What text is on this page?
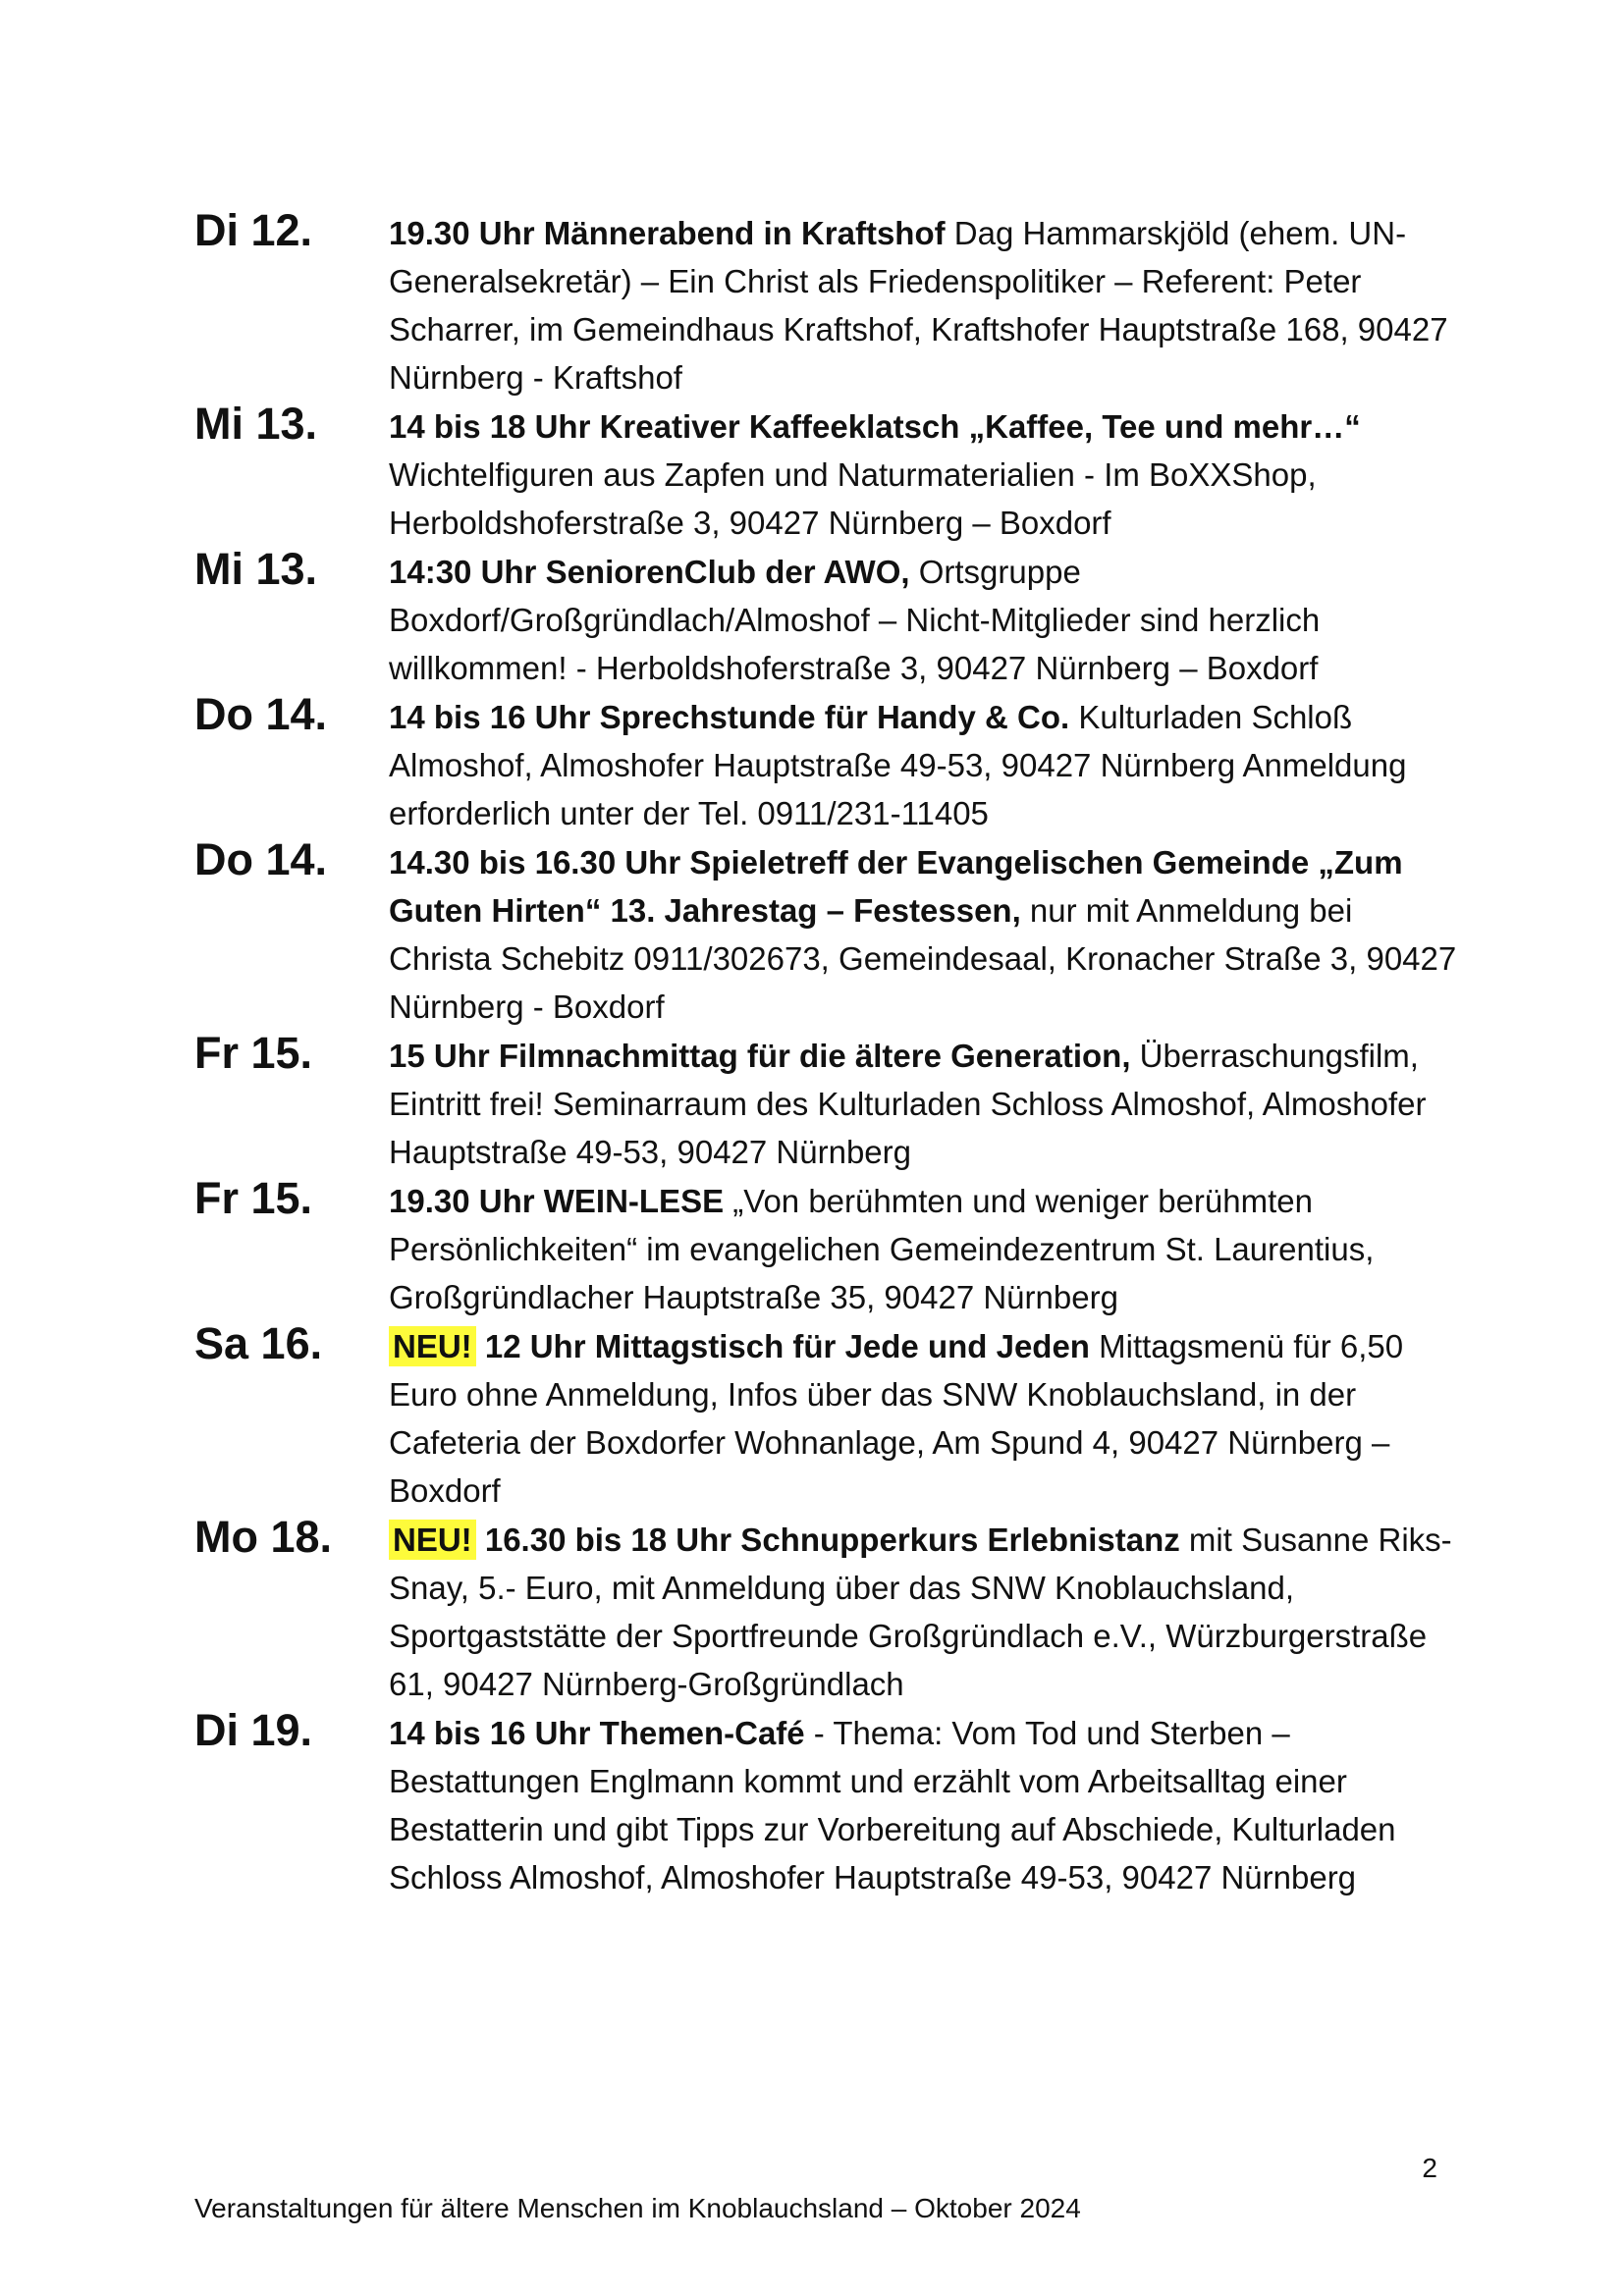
Di 12.	19.30 Uhr Männerabend in Kraftshof Dag Hammarskjöld (ehem. UN-Generalsekretär) – Ein Christ als Friedenspolitiker – Referent: Peter Scharrer, im Gemeindhaus Kraftshof, Kraftshofer Hauptstraße 168, 90427 Nürnberg - Kraftshof
Mi 13.	14 bis 18 Uhr Kreativer Kaffeeklatsch „Kaffee, Tee und mehr…“ Wichtelfiguren aus Zapfen und Naturmaterialien - Im BoXXShop, Herboldshoferstraße 3, 90427 Nürnberg – Boxdorf
Mi 13.	14:30 Uhr SeniorenClub der AWO, Ortsgruppe Boxdorf/Großgründlach/Almoshof – Nicht-Mitglieder sind herzlich willkommen! - Herboldshoferstraße 3, 90427 Nürnberg – Boxdorf
Do 14.	14 bis 16 Uhr Sprechstunde für Handy & Co. Kulturladen Schloß Almoshof, Almoshofer Hauptstraße 49-53, 90427 Nürnberg Anmeldung erforderlich unter der Tel. 0911/231-11405
Do 14.	14.30 bis 16.30 Uhr Spieletreff der Evangelischen Gemeinde „Zum Guten Hirten“ 13. Jahrestag – Festessen, nur mit Anmeldung bei Christa Schebitz 0911/302673, Gemeindesaal, Kronacher Straße 3, 90427 Nürnberg - Boxdorf
Fr 15.	15 Uhr Filmnachmittag für die ältere Generation, Überraschungsfilm, Eintritt frei! Seminarraum des Kulturladen Schloss Almoshof, Almoshofer Hauptstraße 49-53, 90427 Nürnberg
Fr 15.	19.30 Uhr WEIN-LESE „Von berühmten und weniger berühmten Persönlichkeiten“ im evangelichen Gemeindezentrum St. Laurentius, Großgründlacher Hauptstraße 35, 90427 Nürnberg
Sa 16.	NEU! 12 Uhr Mittagstisch für Jede und Jeden Mittagsmenü für 6,50 Euro ohne Anmeldung, Infos über das SNW Knoblauchsland, in der Cafeteria der Boxdorfer Wohnanlage, Am Spund 4, 90427 Nürnberg – Boxdorf
Mo 18.	NEU! 16.30 bis 18 Uhr Schnupperkurs Erlebnistanz mit Susanne Riks-Snay, 5.- Euro, mit Anmeldung über das SNW Knoblauchsland, Sportgaststätte der Sportfreunde Großgründlach e.V., Würzburgerstraße 61, 90427 Nürnberg-Großgründlach
Di 19.	14 bis 16 Uhr Themen-Café - Thema: Vom Tod und Sterben – Bestattungen Englmann kommt und erzählt vom Arbeitsalltag einer Bestatterin und gibt Tipps zur Vorbereitung auf Abschiede, Kulturladen Schloss Almoshof, Almoshofer Hauptstraße 49-53, 90427 Nürnberg
2
Veranstaltungen für ältere Menschen im Knoblauchsland – Oktober 2024
